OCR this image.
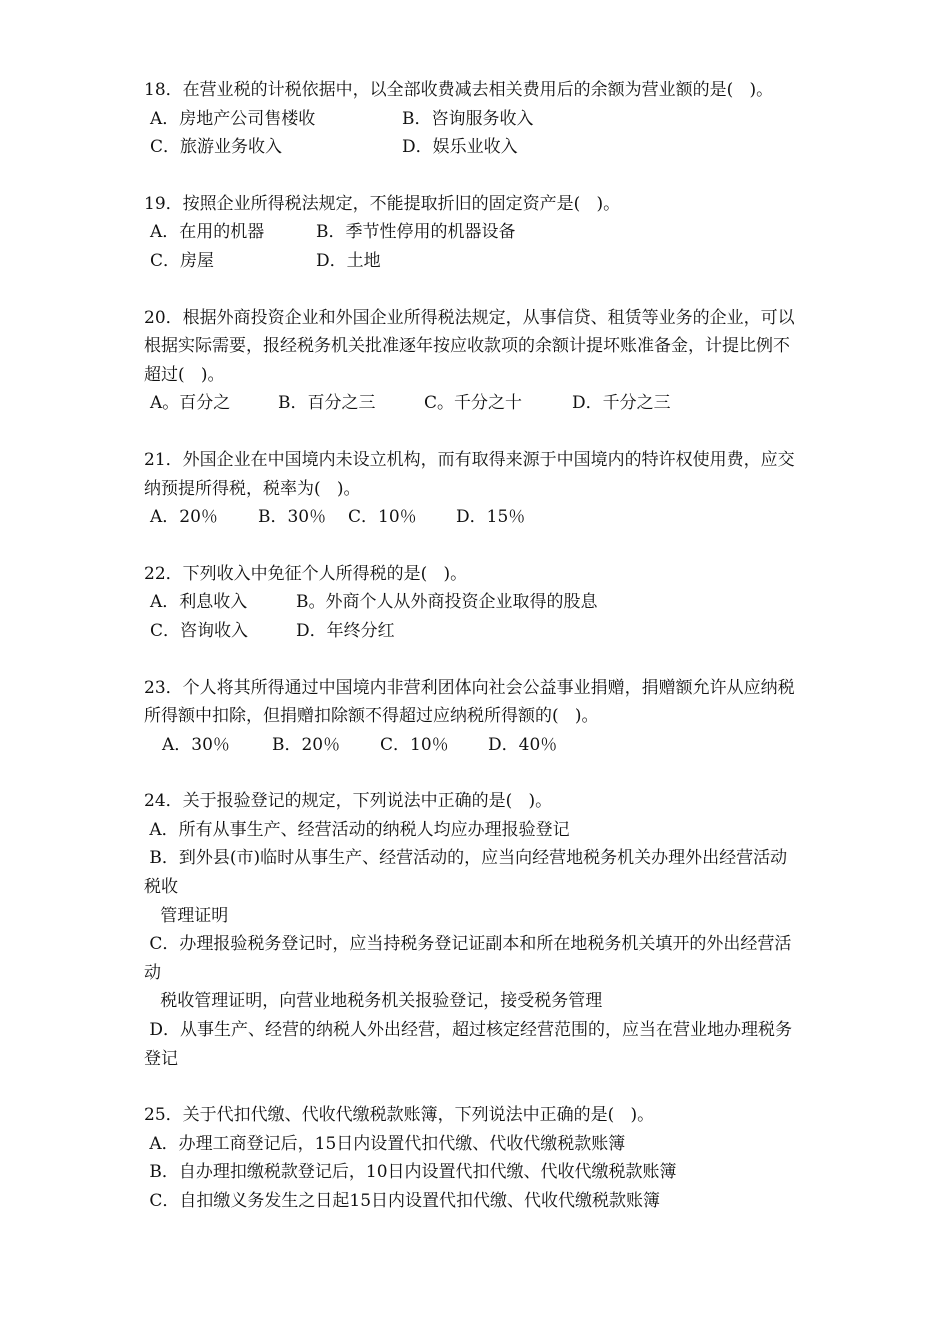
18．在营业税的计税依据中，以全部收费减去相关费用后的余额为营业额的是(   )。
A．房地产公司售楼收	B．咨询服务收入
C．旅游业务收入	D．娱乐业收入
19．按照企业所得税法规定，不能提取折旧的固定资产是(   )。
A．在用的机器	B．季节性停用的机器设备
C．房屋	D．土地
20．根据外商投资企业和外国企业所得税法规定，从事信贷、租赁等业务的企业，可以
根据实际需要，报经税务机关批准逐年按应收款项的余额计提坏账准备金，计提比例不
超过(   )。
A。百分之	B．百分之三	C。千分之十	D．千分之三
21．外国企业在中国境内未设立机构，而有取得来源于中国境内的特许权使用费，应交
纳预提所得税，税率为(   )。
A．20％ B．30％ C．10％ D．15％
22．下列收入中免征个人所得税的是(   )。
A．利息收入	B。外商个人从外商投资企业取得的股息
C．咨询收入	D．年终分红
23．个人将其所得通过中国境内非营利团体向社会公益事业捐赠，捐赠额允许从应纳税
所得额中扣除，但捐赠扣除额不得超过应纳税所得额的(   )。
A．30％ B．20％ C．10％ D．40％
24．关于报验登记的规定，下列说法中正确的是(   )。
A．所有从事生产、经营活动的纳税人均应办理报验登记
B．到外县(市)临时从事生产、经营活动的，应当向经营地税务机关办理外出经营活动
税收
管理证明
C．办理报验税务登记时，应当持税务登记证副本和所在地税务机关填开的外出经营活
动
税收管理证明，向营业地税务机关报验登记，接受税务管理
D．从事生产、经营的纳税人外出经营，超过核定经营范围的，应当在营业地办理税务
登记
25．关于代扣代缴、代收代缴税款账簿，下列说法中正确的是(   )。
A．办理工商登记后，15日内设置代扣代缴、代收代缴税款账簿
B．自办理扣缴税款登记后，10日内设置代扣代缴、代收代缴税款账簿
C．自扣缴义务发生之日起15日内设置代扣代缴、代收代缴税款账簿
